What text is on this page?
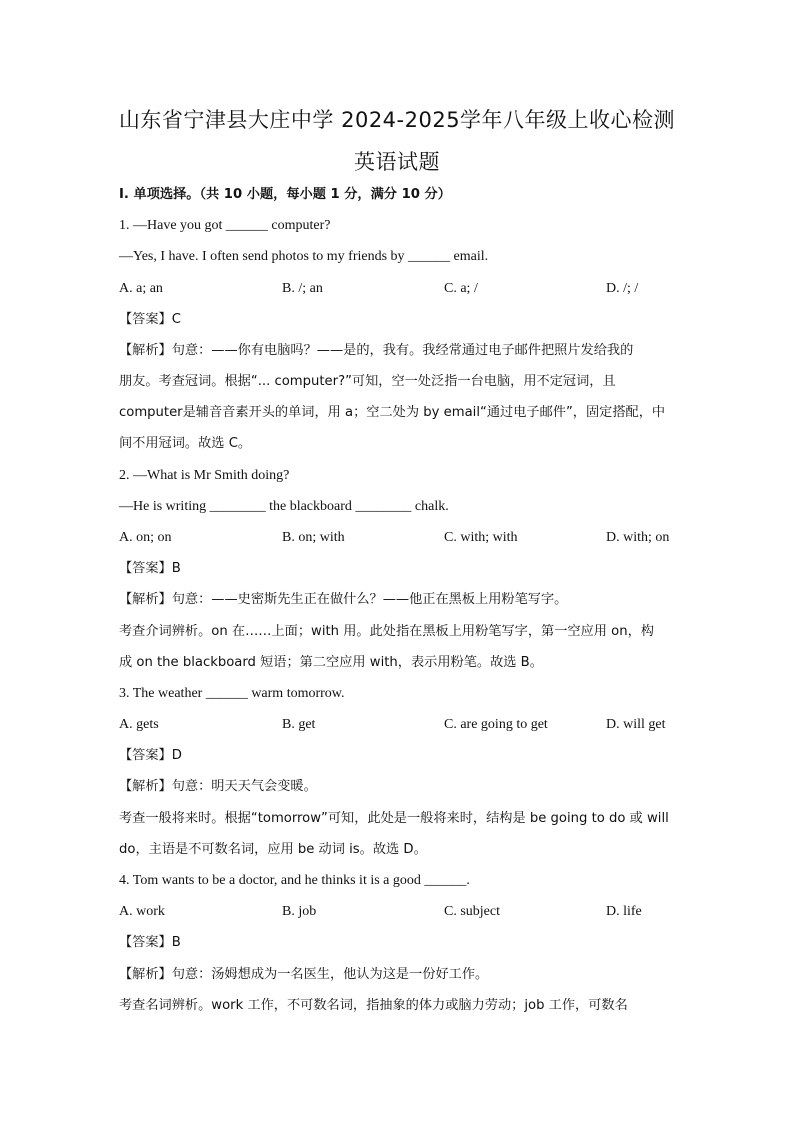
山东省宁津县大庄中学 2024-2025学年八年级上收心检测
英语试题
I. 单项选择。（共 10 小题，每小题 1 分，满分 10 分）
1. —Have you got ______ computer?
—Yes, I have. I often send photos to my friends by ______ email.
A. a; an	B. /; an	C. a; /	D. /; /
【答案】C
【解析】句意：——你有电脑吗？——是的，我有。我经常通过电子邮件把照片发给我的
朋友。考查冠词。根据“... computer?”可知，空一处泛指一台电脑，用不定冠词，且
computer是辅音音素开头的单词，用 a；空二处为 by email“通过电子邮件”，固定搭配，中
间不用冠词。故选 C。
2. —What is Mr Smith doing?
—He is writing ________ the blackboard ________ chalk.
A. on; on	B. on; with	C. with; with	D. with; on
【答案】B
【解析】句意：——史密斯先生正在做什么？——他正在黑板上用粉笔写字。
考查介词辨析。on 在……上面；with 用。此处指在黑板上用粉笔写字，第一空应用 on，构
成 on the blackboard 短语；第二空应用 with，表示用粉笔。故选 B。
3. The weather ______ warm tomorrow.
A. gets	B. get	C. are going to get	D. will get
【答案】D
【解析】句意：明天天气会变暖。
考查一般将来时。根据“tomorrow”可知，此处是一般将来时，结构是 be going to do 或 will
do，主语是不可数名词，应用 be 动词 is。故选 D。
4. Tom wants to be a doctor, and he thinks it is a good ______.
A. work	B. job	C. subject	D. life
【答案】B
【解析】句意：汤姆想成为一名医生，他认为这是一份好工作。
考查名词辨析。work 工作，不可数名词，指抽象的体力或脑力劳动；job 工作，可数名
